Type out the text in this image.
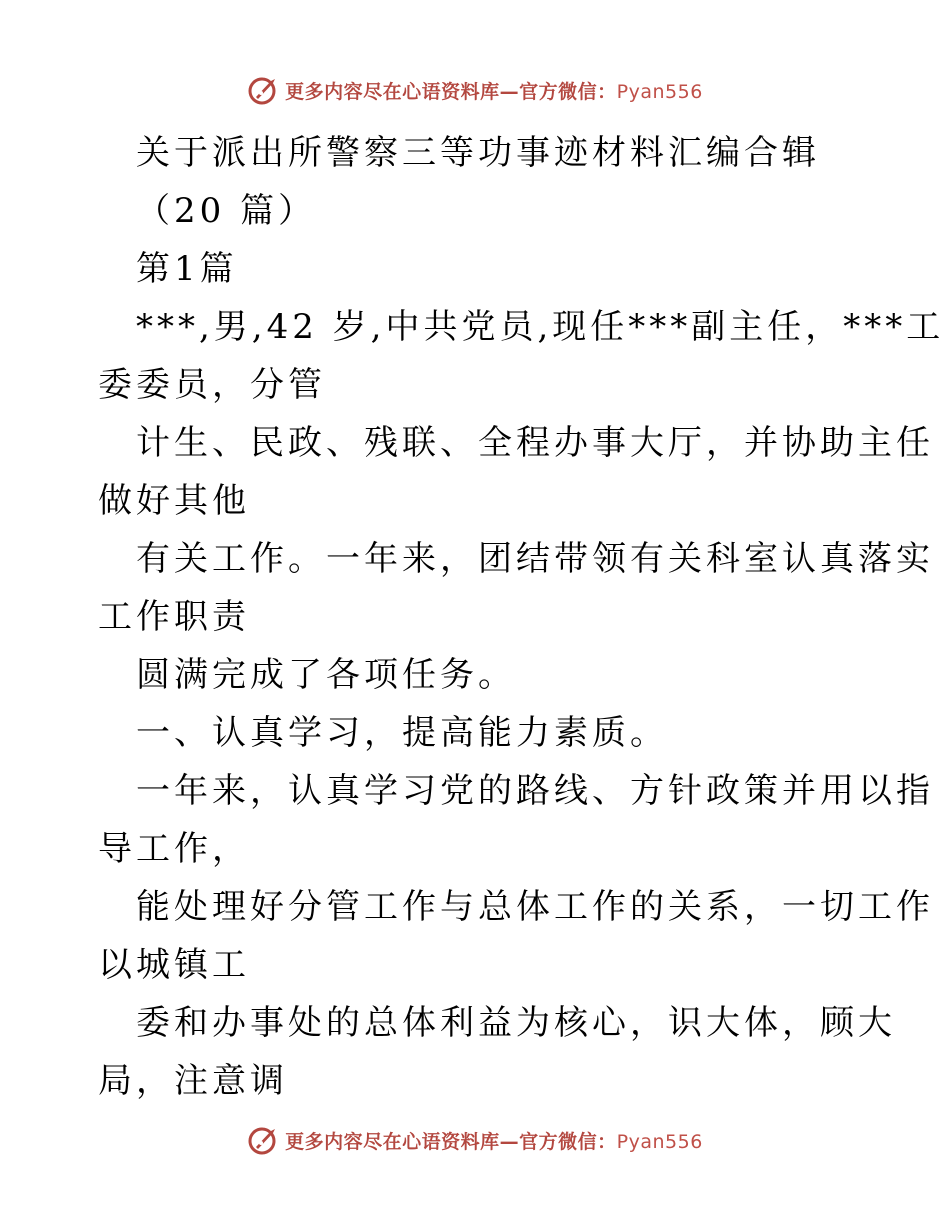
更多内容尽在心语资料库—官方微信：Pyan556
关于派出所警察三等功事迹材料汇编合辑
（20 篇）
第1篇
***,男,42 岁,中共党员,现任***副主任，***工
委委员，分管
计生、民政、残联、全程办事大厅，并协助主任
做好其他
有关工作。一年来，团结带领有关科室认真落实
工作职责
圆满完成了各项任务。
一、认真学习，提高能力素质。
一年来，认真学习党的路线、方针政策并用以指
导工作，
能处理好分管工作与总体工作的关系，一切工作
以城镇工
委和办事处的总体利益为核心，识大体，顾大
局，注意调
更多内容尽在心语资料库—官方微信：Pyan556
